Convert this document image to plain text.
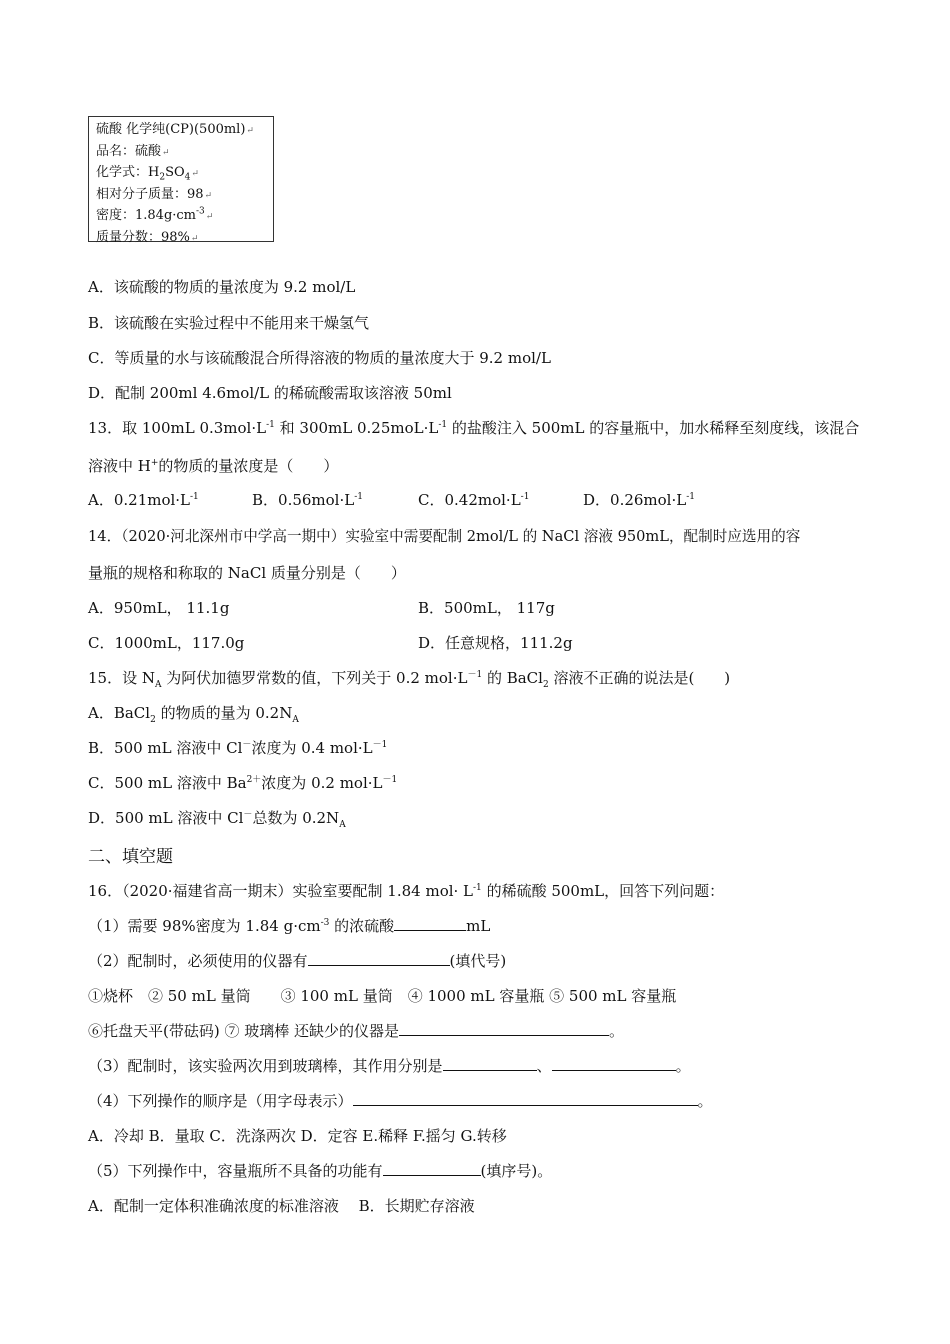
硫酸 化学纯(CP)(500ml)↵
品名：硫酸↵
化学式：$H_2SO_4↵$
相对分子质量：98↵
密度：$1.84g\cdot cm^{-3}↵$
质量分数：98%↵
A．该硫酸的物质的量浓度为 9.2 mol/L
B．该硫酸在实验过程中不能用来干燥氢气
C．等质量的水与该硫酸混合所得溶液的物质的量浓度大于 9.2 mol/L
D．配制 200ml 4.6mol/L 的稀硫酸需取该溶液 50ml
13．取 100mL $0.3mol\cdot L^{-1}$ 和 300mL $0.25moL\cdot L^{-1}$ 的盐酸注入 500mL 的容量瓶中，加水稀释至刻度线，该混合
溶液中 H+的物质的量浓度是（　　）
A．$0.21mol\cdot L^{-1}$	B．$0.56mol\cdot L^{-1}$	C．$0.42mol\cdot L^{-1}$	D．$0.26mol\cdot L^{-1}$
14．（2020·河北深州市中学高一期中）实验室中需要配制 2mol/L 的 NaCl 溶液 950mL，配制时应选用的容
量瓶的规格和称取的 NaCl 质量分别是（　　）
A．950mL， 11.1g	B．500mL， 117g
C．1000mL，117.0g	D．任意规格，111.2g
15．设 $N_A$ 为阿伏加德罗常数的值，下列关于 0.2 $mol\cdot L^{-1}$ 的 BaCl$_2$ 溶液不正确的说法是(　　)
A．BaCl$_2$ 的物质的量为 $0.2N_A$
B．500 mL 溶液中 Cl－浓度为 0.4 $mol\cdot L^{-1}$
C．500 mL 溶液中 $Ba^{2+}$浓度为 0.2 $mol\cdot L^{-1}$
D．500 mL 溶液中 Cl－总数为 $0.2N_A$
二、填空题
16．（2020·福建省高一期末）实验室要配制 1.84 $mol\cdot L^{-1}$ 的稀硫酸 500mL，回答下列问题：
（1）需要 98%密度为 1.84 $g\cdot cm^{-3}$ 的浓硫酸	mL
（2）配制时，必须使用的仪器有	(填代号)
①烧杯　② 50 mL 量筒　　③ 100 mL 量筒　④ 1000 mL 容量瓶 ⑤ 500 mL 容量瓶
⑥托盘天平(带砝码) ⑦ 玻璃棒 还缺少的仪器是	。
（3）配制时，该实验两次用到玻璃棒，其作用分别是	、	。
（4）下列操作的顺序是（用字母表示）	。
A．冷却 B．量取 C．洗涤两次 D．定容 E.稀释 F.摇匀 G.转移
（5）下列操作中，容量瓶所不具备的功能有	(填序号)。
A．配制一定体积准确浓度的标准溶液　 B．长期贮存溶液
